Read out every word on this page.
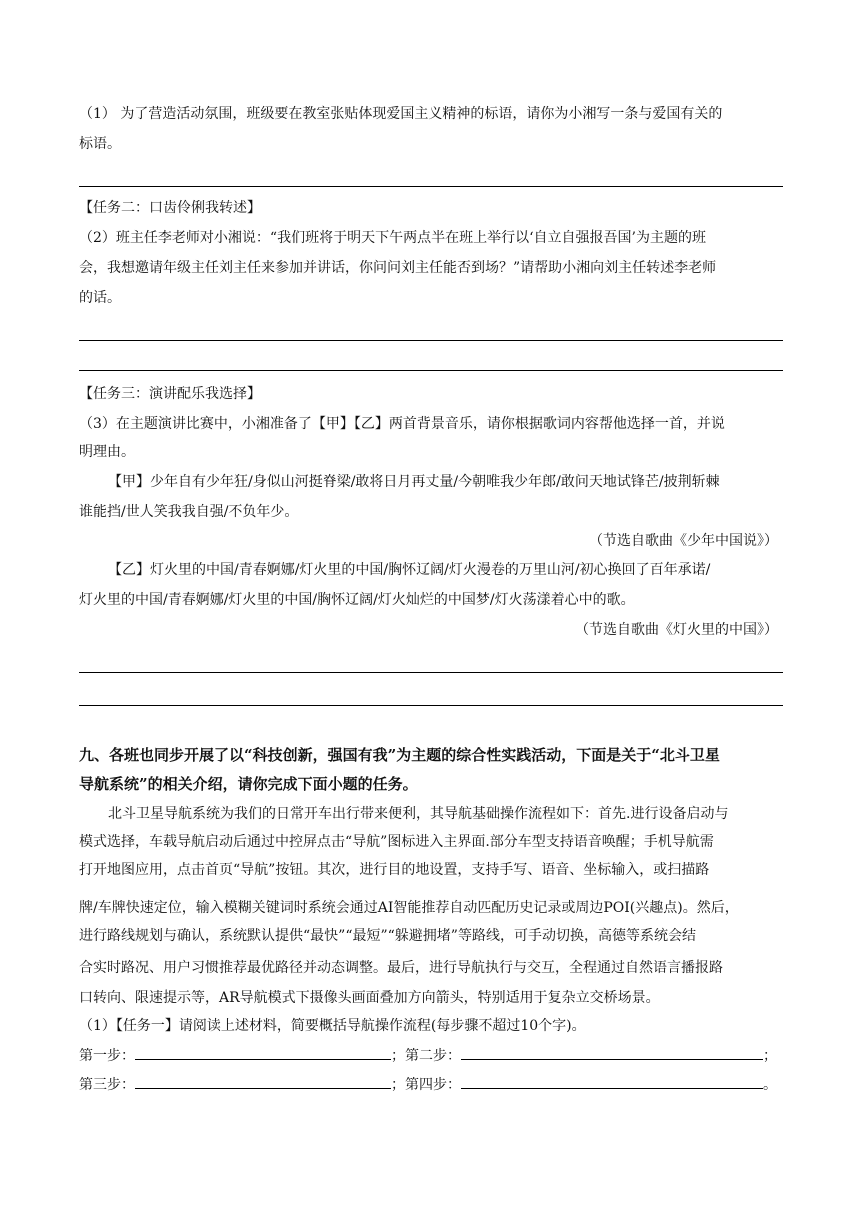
（1） 为了营造活动氛围，班级要在教室张贴体现爱国主义精神的标语，请你为小湘写一条与爱国有关的
标语。
【任务二：口齿伶俐我转述】
（2）班主任李老师对小湘说：“我们班将于明天下午两点半在班上举行以‘自立自强报吾国’为主题的班
会，我想邀请年级主任刘主任来参加并讲话，你问问刘主任能否到场？”请帮助小湘向刘主任转述李老师
的话。
【任务三：演讲配乐我选择】
（3）在主题演讲比赛中，小湘准备了【甲】【乙】两首背景音乐，请你根据歌词内容帮他选择一首，并说
明理由。
【甲】少年自有少年狂/身似山河挺脊梁/敢将日月再丈量/今朝唯我少年郎/敢问天地试锋芒/披荆斩棘
谁能挡/世人笑我我自强/不负年少。
（节选自歌曲《少年中国说》）
【乙】灯火里的中国/青春婀娜/灯火里的中国/胸怀辽阔/灯火漫卷的万里山河/初心换回了百年承诺/
灯火里的中国/青春婀娜/灯火里的中国/胸怀辽阔/灯火灿烂的中国梦/灯火荡漾着心中的歌。
（节选自歌曲《灯火里的中国》）
九、各班也同步开展了以“科技创新，强国有我”为主题的综合性实践活动，下面是关于“北斗卫星
导航系统”的相关介绍，请你完成下面小题的任务。
北斗卫星导航系统为我们的日常开车出行带来便利，其导航基础操作流程如下：首先.进行设备启动与
模式选择，车载导航启动后通过中控屏点击“导航”图标进入主界面.部分车型支持语音唤醒；手机导航需
打开地图应用，点击首页“导航”按钮。其次，进行目的地设置，支持手写、语音、坐标输入，或扫描路
牌/车牌快速定位，输入模糊关键词时系统会通过AI智能推荐自动匹配历史记录或周边POI(兴趣点)。然后，
进行路线规划与确认，系统默认提供“最快”“最短”“躲避拥堵”等路线，可手动切换，高德等系统会结
合实时路况、用户习惯推荐最优路径并动态调整。最后，进行导航执行与交互，全程通过自然语言播报路
口转向、限速提示等，AR导航模式下摄像头画面叠加方向箭头，特别适用于复杂立交桥场景。
（1）【任务一】请阅读上述材料，简要概括导航操作流程(每步骤不超过10个字)。
第一步：	；第二步：	；
第三步：	；第四步：	。
